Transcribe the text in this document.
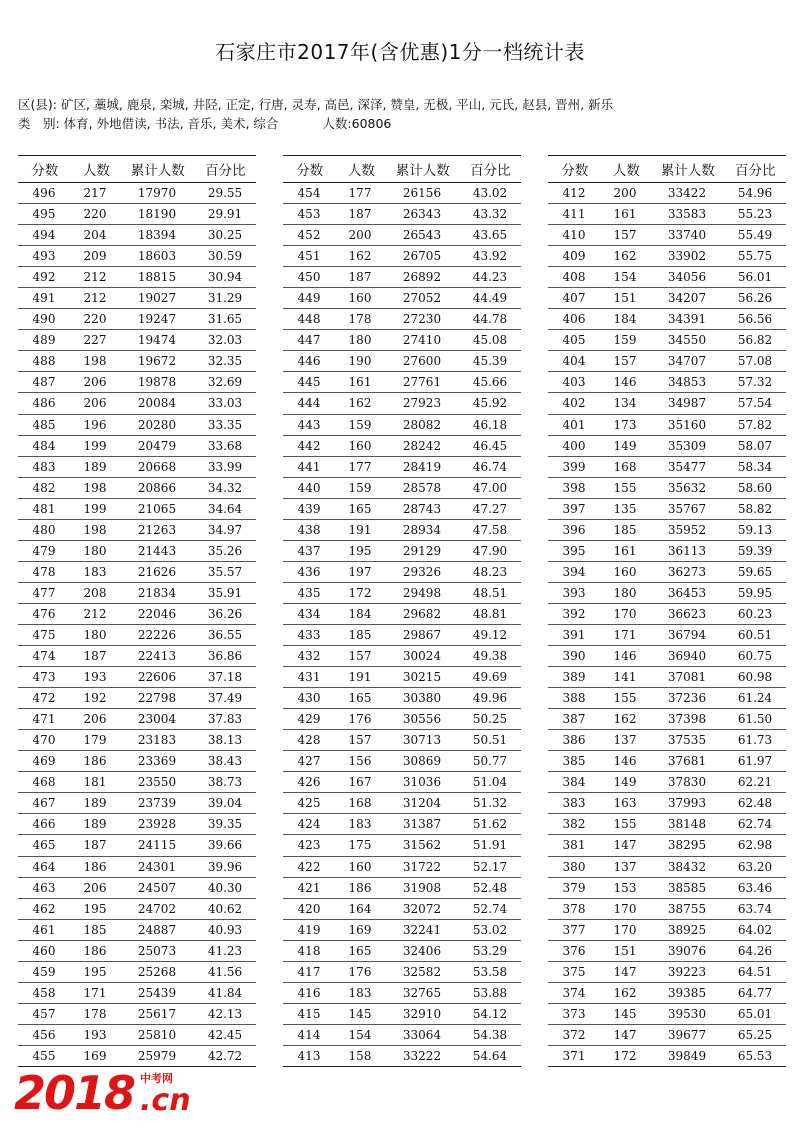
石家庄市2017年(含优惠)1分一档统计表
区(县): 矿区, 藁城, 鹿泉, 栾城, 井陉, 正定, 行唐, 灵寿, 高邑, 深泽, 赞皇, 无极, 平山, 元氏, 赵县, 晋州, 新乐
类　别: 体育, 外地借读, 书法, 音乐, 美术, 综合	人数:60806
分数	人数	累计人数	百分比
496	217	17970	29.55
495	220	18190	29.91
494	204	18394	30.25
493	209	18603	30.59
492	212	18815	30.94
491	212	19027	31.29
490	220	19247	31.65
489	227	19474	32.03
488	198	19672	32.35
487	206	19878	32.69
486	206	20084	33.03
485	196	20280	33.35
484	199	20479	33.68
483	189	20668	33.99
482	198	20866	34.32
481	199	21065	34.64
480	198	21263	34.97
479	180	21443	35.26
478	183	21626	35.57
477	208	21834	35.91
476	212	22046	36.26
475	180	22226	36.55
474	187	22413	36.86
473	193	22606	37.18
472	192	22798	37.49
471	206	23004	37.83
470	179	23183	38.13
469	186	23369	38.43
468	181	23550	38.73
467	189	23739	39.04
466	189	23928	39.35
465	187	24115	39.66
464	186	24301	39.96
463	206	24507	40.30
462	195	24702	40.62
461	185	24887	40.93
460	186	25073	41.23
459	195	25268	41.56
458	171	25439	41.84
457	178	25617	42.13
456	193	25810	42.45
455	169	25979	42.72
分数	人数	累计人数	百分比
454	177	26156	43.02
453	187	26343	43.32
452	200	26543	43.65
451	162	26705	43.92
450	187	26892	44.23
449	160	27052	44.49
448	178	27230	44.78
447	180	27410	45.08
446	190	27600	45.39
445	161	27761	45.66
444	162	27923	45.92
443	159	28082	46.18
442	160	28242	46.45
441	177	28419	46.74
440	159	28578	47.00
439	165	28743	47.27
438	191	28934	47.58
437	195	29129	47.90
436	197	29326	48.23
435	172	29498	48.51
434	184	29682	48.81
433	185	29867	49.12
432	157	30024	49.38
431	191	30215	49.69
430	165	30380	49.96
429	176	30556	50.25
428	157	30713	50.51
427	156	30869	50.77
426	167	31036	51.04
425	168	31204	51.32
424	183	31387	51.62
423	175	31562	51.91
422	160	31722	52.17
421	186	31908	52.48
420	164	32072	52.74
419	169	32241	53.02
418	165	32406	53.29
417	176	32582	53.58
416	183	32765	53.88
415	145	32910	54.12
414	154	33064	54.38
413	158	33222	54.64
分数	人数	累计人数	百分比
412	200	33422	54.96
411	161	33583	55.23
410	157	33740	55.49
409	162	33902	55.75
408	154	34056	56.01
407	151	34207	56.26
406	184	34391	56.56
405	159	34550	56.82
404	157	34707	57.08
403	146	34853	57.32
402	134	34987	57.54
401	173	35160	57.82
400	149	35309	58.07
399	168	35477	58.34
398	155	35632	58.60
397	135	35767	58.82
396	185	35952	59.13
395	161	36113	59.39
394	160	36273	59.65
393	180	36453	59.95
392	170	36623	60.23
391	171	36794	60.51
390	146	36940	60.75
389	141	37081	60.98
388	155	37236	61.24
387	162	37398	61.50
386	137	37535	61.73
385	146	37681	61.97
384	149	37830	62.21
383	163	37993	62.48
382	155	38148	62.74
381	147	38295	62.98
380	137	38432	63.20
379	153	38585	63.46
378	170	38755	63.74
377	170	38925	64.02
376	151	39076	64.26
375	147	39223	64.51
374	162	39385	64.77
373	145	39530	65.01
372	147	39677	65.25
371	172	39849	65.53
2018 中考网
.cn
